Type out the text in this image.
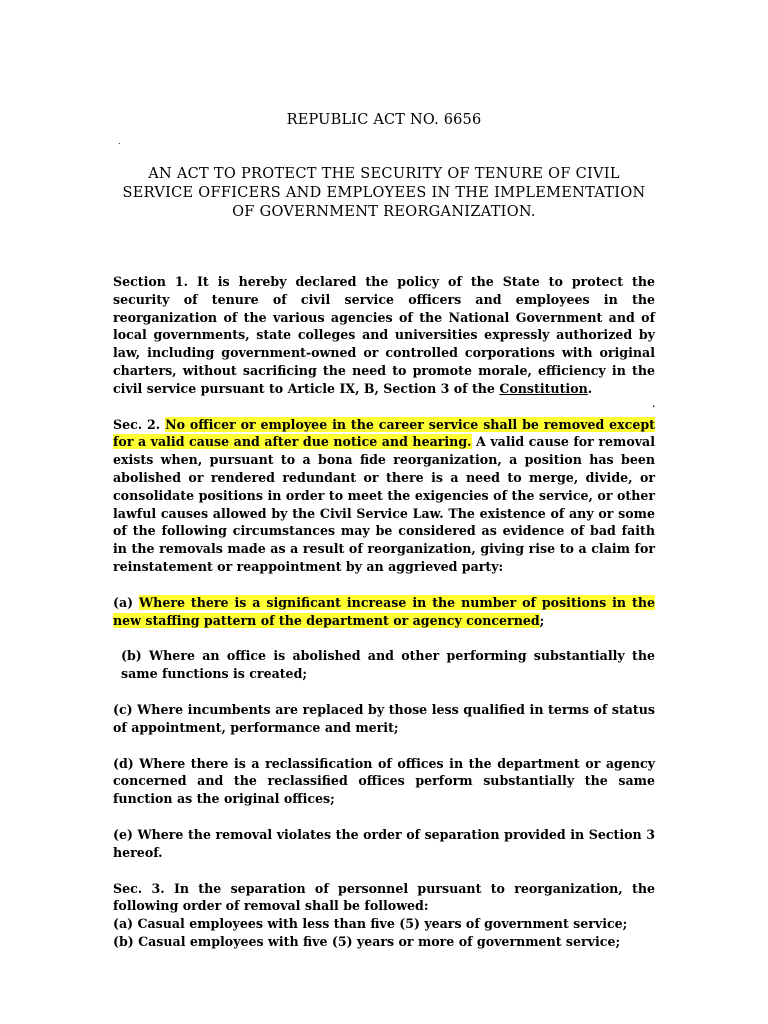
REPUBLIC ACT NO. 6656
.
AN ACT TO PROTECT THE SECURITY OF TENURE OF CIVIL SERVICE OFFICERS AND EMPLOYEES IN THE IMPLEMENTATION OF GOVERNMENT REORGANIZATION.

Section 1. It is hereby declared the policy of the State to protect the security of tenure of civil service officers and employees in the reorganization of the various agencies of the National Government and of local governments, state colleges and universities expressly authorized by law, including government-owned or controlled corporations with original charters, without sacrificing the need to promote morale, efficiency in the civil service pursuant to Article IX, B, Section 3 of the Constitution.

.

Sec. 2. No officer or employee in the career service shall be removed except for a valid cause and after due notice and hearing. A valid cause for removal exists when, pursuant to a bona fide reorganization, a position has been abolished or rendered redundant or there is a need to merge, divide, or consolidate positions in order to meet the exigencies of the service, or other lawful causes allowed by the Civil Service Law. The existence of any or some of the following circumstances may be considered as evidence of bad faith in the removals made as a result of reorganization, giving rise to a claim for reinstatement or reappointment by an aggrieved party:

(a) Where there is a significant increase in the number of positions in the new staffing pattern of the department or agency concerned;

(b) Where an office is abolished and other performing substantially the same functions is created;

(c) Where incumbents are replaced by those less qualified in terms of status of appointment, performance and merit;

(d) Where there is a reclassification of offices in the department or agency concerned and the reclassified offices perform substantially the same function as the original offices;

(e) Where the removal violates the order of separation provided in Section 3 hereof.

Sec. 3. In the separation of personnel pursuant to reorganization, the following order of removal shall be followed:

(a) Casual employees with less than five (5) years of government service;

(b) Casual employees with five (5) years or more of government service;
